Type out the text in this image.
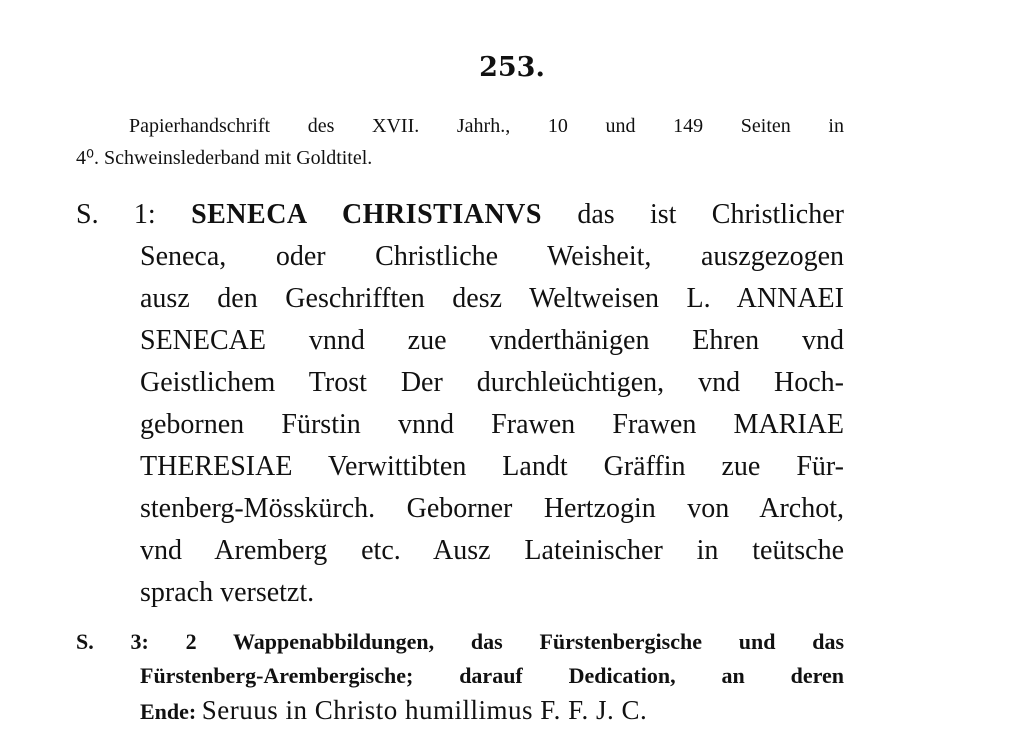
253.
Papierhandschrift des XVII. Jahrh., 10 und 149 Seiten in
4⁰. Schweinslederband mit Goldtitel.
S. 1: SENECA CHRISTIANVS das ist Christlicher
Seneca, oder Christliche Weisheit, auszgezogen
ausz den Geschrifften desz Weltweisen L. ANNAEI
SENECAE vnnd zue vnderthänigen Ehren vnd
Geistlichem Trost Der durchleüchtigen, vnd Hoch-
gebornen Fürstin vnnd Frawen Frawen MARIAE
THERESIAE Verwittibten Landt Gräffin zue Für-
stenberg-Mösskürch. Geborner Hertzogin von Archot,
vnd Aremberg etc. Ausz Lateinischer in teütsche
sprach versetzt.
S. 3: 2 Wappenabbildungen, das Fürstenbergische und das
Fürstenberg-Arembergische; darauf Dedication, an deren
Ende: Seruus in Christo humillimus F. F. J. C.
